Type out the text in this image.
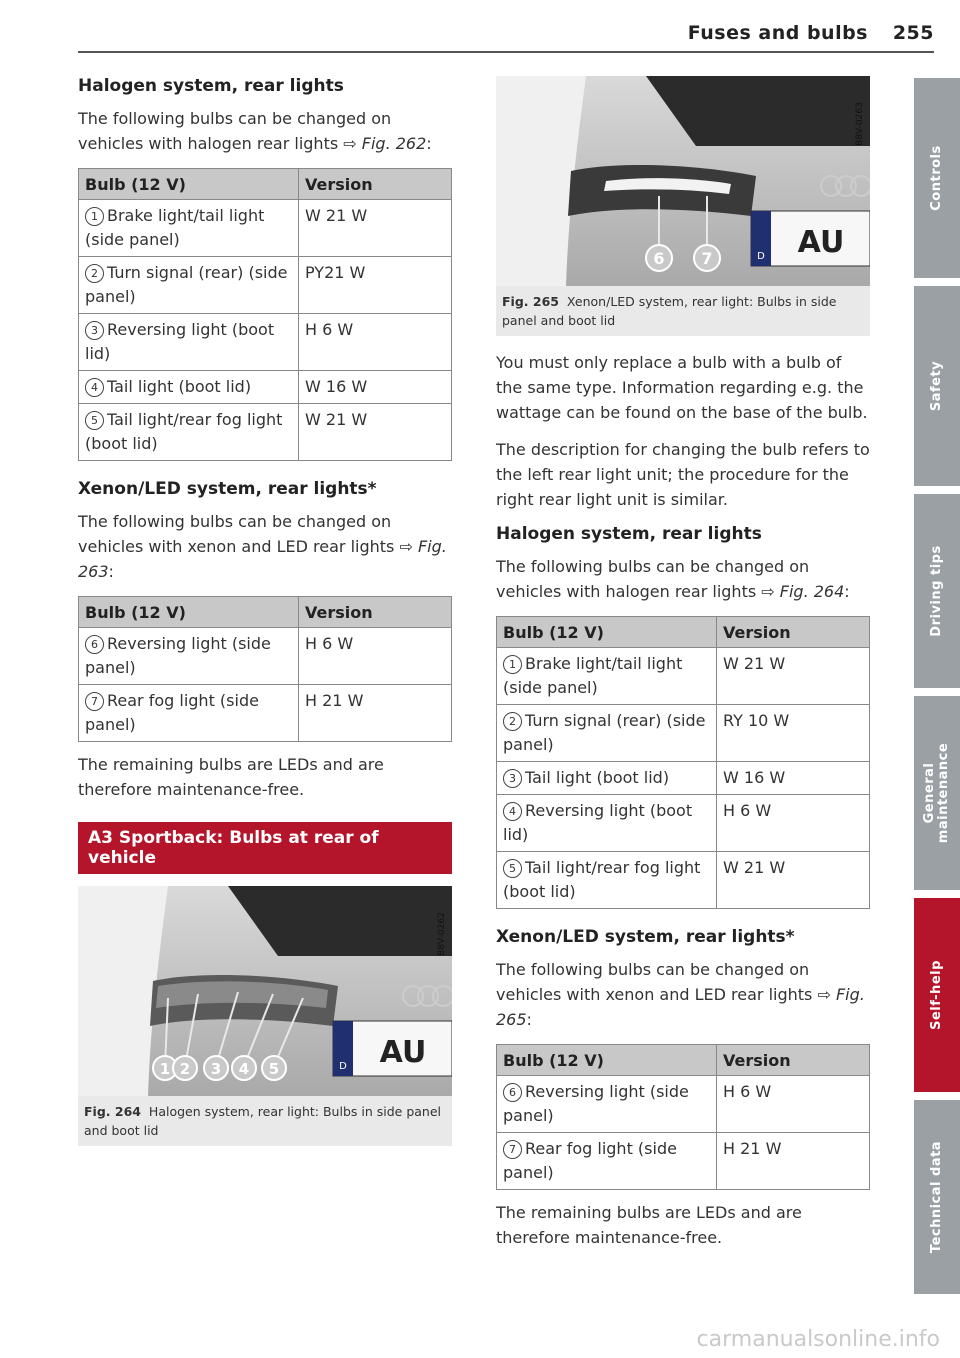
Fuses and bulbs 255
Halogen system, rear lights

The following bulbs can be changed on vehicles with halogen rear lights ⇨ Fig. 262:

Bulb (12 V)	Version
1 Brake light/tail light (side panel)	W 21 W
2 Turn signal (rear) (side panel)	PY21 W
3 Reversing light (boot lid)	H 6 W
4 Tail light (boot lid)	W 16 W
5 Tail light/rear fog light (boot lid)	W 21 W
Xenon/LED system, rear lights*

The following bulbs can be changed on vehicles with xenon and LED rear lights ⇨ Fig. 263:

Bulb (12 V)	Version
6 Reversing light (side panel)	H 6 W
7 Rear fog light (side panel)	H 21 W

The remaining bulbs are LEDs and are therefore maintenance-free.

A3 Sportback: Bulbs at rear of vehicle
D AU
1 2 3 4 5
B8V-0262
Fig. 264 Halogen system, rear light: Bulbs in side panel and boot lid
D AU
6 7
B8V-0263
Fig. 265 Xenon/LED system, rear light: Bulbs in side panel and boot lid

You must only replace a bulb with a bulb of the same type. Information regarding e.g. the wattage can be found on the base of the bulb.

The description for changing the bulb refers to the left rear light unit; the procedure for the right rear light unit is similar.

Halogen system, rear lights

The following bulbs can be changed on vehicles with halogen rear lights ⇨ Fig. 264:

Bulb (12 V)	Version
1 Brake light/tail light (side panel)	W 21 W
2 Turn signal (rear) (side panel)	RY 10 W
3 Tail light (boot lid)	W 16 W
4 Reversing light (boot lid)	H 6 W
5 Tail light/rear fog light (boot lid)	W 21 W
Xenon/LED system, rear lights*

The following bulbs can be changed on vehicles with xenon and LED rear lights ⇨ Fig. 265:

Bulb (12 V)	Version
6 Reversing light (side panel)	H 6 W
7 Rear fog light (side panel)	H 21 W

The remaining bulbs are LEDs and are therefore maintenance-free.

Controls
Safety
Driving tips
General maintenance
Self-help
Technical data
carmanualsonline.info
